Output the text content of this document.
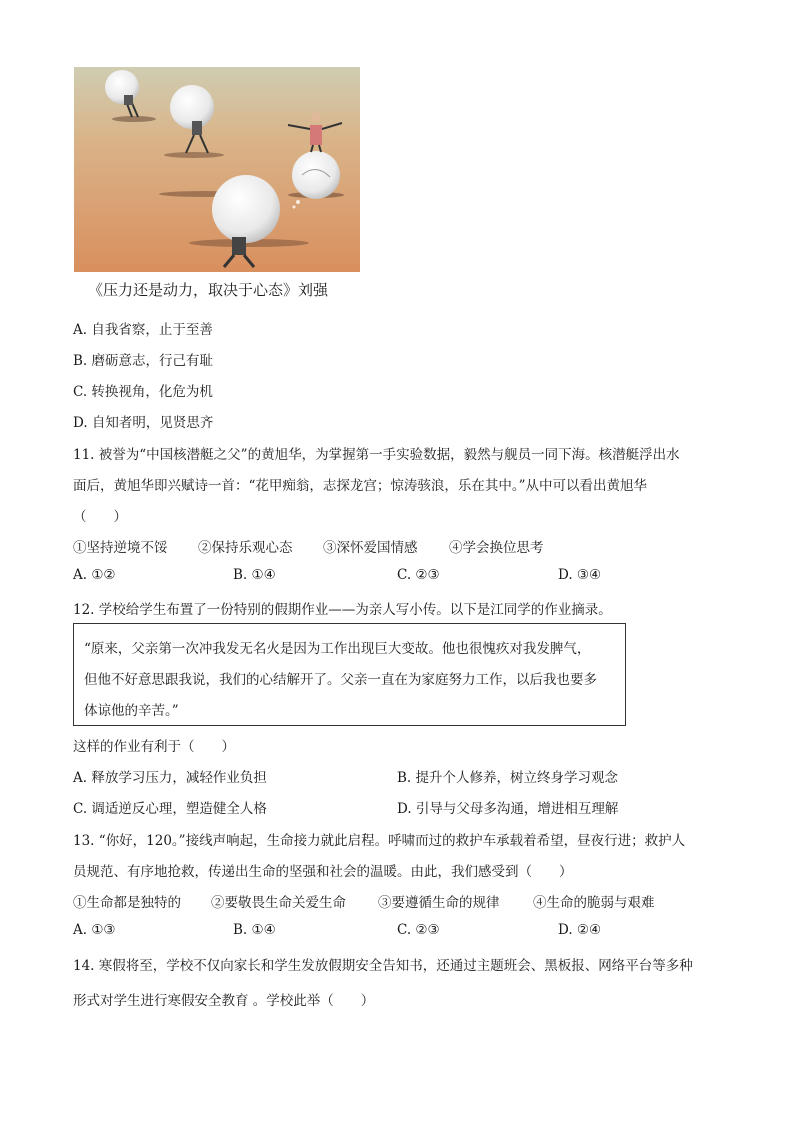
《压力还是动力，取决于心态》刘强
A. 自我省察，止于至善
B. 磨砺意志，行己有耻
C. 转换视角，化危为机
D. 自知者明，见贤思齐
11. 被誉为“中国核潜艇之父”的黄旭华，为掌握第一手实验数据，毅然与舰员一同下海。核潜艇浮出水
面后，黄旭华即兴赋诗一首：“花甲痴翁，志探龙宫；惊涛骇浪，乐在其中。”从中可以看出黄旭华
（　　）
①坚持逆境不馁 ②保持乐观心态 ③深怀爱国情感 ④学会换位思考
A. ①②	B. ①④	C. ②③	D. ③④
12. 学校给学生布置了一份特别的假期作业——为亲人写小传。以下是江同学的作业摘录。
“原来，父亲第一次冲我发无名火是因为工作出现巨大变故。他也很愧疚对我发脾气，
但他不好意思跟我说，我们的心结解开了。父亲一直在为家庭努力工作，以后我也要多
体谅他的辛苦。”
这样的作业有利于（　　）
A. 释放学习压力，减轻作业负担	B. 提升个人修养，树立终身学习观念
C. 调适逆反心理，塑造健全人格	D. 引导与父母多沟通，增进相互理解
13. “你好，120。”接线声响起，生命接力就此启程。呼啸而过的救护车承载着希望，昼夜行进；救护人
员规范、有序地抢救，传递出生命的坚强和社会的温暖。由此，我们感受到（　　）
①生命都是独特的 ②要敬畏生命关爱生命 ③要遵循生命的规律 ④生命的脆弱与艰难
A. ①③	B. ①④	C. ②③	D. ②④
14. 寒假将至，学校不仅向家长和学生发放假期安全告知书，还通过主题班会、黑板报、网络平台等多种
形式对学生进行寒假安全教育 。学校此举（　　）
